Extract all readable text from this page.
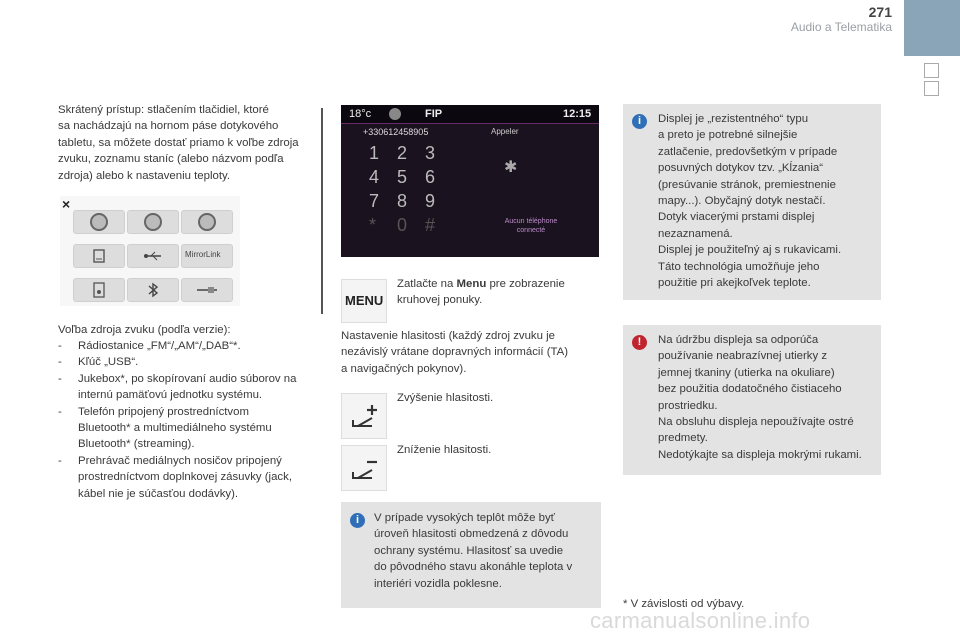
271
Audio a Telematika
Skrátený prístup: stlačením tlačidiel, ktoré
sa nachádzajú na hornom páse dotykového
tabletu, sa môžete dostať priamo k voľbe zdroja
zvuku, zoznamu staníc (alebo názvom podľa
zdroja) alebo k nastaveniu teploty.
×
MirrorLink
Voľba zdroja zvuku (podľa verzie):
- Rádiostanice „FM“/„AM“/„DAB“*.
- Kľúč „USB“.
- Jukebox*, po skopírovaní audio súborov na
internú pamäťovú jednotku systému.
- Telefón pripojený prostredníctvom
Bluetooth* a multimediálneho systému
Bluetooth* (streaming).
- Prehrávač mediálnych nosičov pripojený
prostredníctvom doplnkovej zásuvky (jack,
kábel nie je súčasťou dodávky).
18°c	FIP	12:15
+330612458905	Appeler
1 2 3
4 5 6
7 8 9
* 0 #
✱
Aucun téléphone connecté
MENU
Zatlačte na Menu pre zobrazenie
kruhovej ponuky.
Nastavenie hlasitosti (každý zdroj zvuku je
nezávislý vrátane dopravných informácií (TA)
a navigačných pokynov).
Zvýšenie hlasitosti.
Zníženie hlasitosti.
i	V prípade vysokých teplôt môže byť
úroveň hlasitosti obmedzená z dôvodu
ochrany systému. Hlasitosť sa uvedie
do pôvodného stavu akonáhle teplota v
interiéri vozidla poklesne.
i	Displej je „rezistentného“ typu
a preto je potrebné silnejšie
zatlačenie, predovšetkým v prípade
posuvných dotykov tzv. „Kĺzania“
(presúvanie stránok, premiestnenie
mapy...). Obyčajný dotyk nestačí.
Dotyk viacerými prstami displej
nezaznamená.
Displej je použiteľný aj s rukavicami.
Táto technológia umožňuje jeho
použitie pri akejkoľvek teplote.
!	Na údržbu displeja sa odporúča
používanie neabrazívnej utierky z
jemnej tkaniny (utierka na okuliare)
bez použitia dodatočného čistiaceho
prostriedku.
Na obsluhu displeja nepoužívajte ostré
predmety.
Nedotýkajte sa displeja mokrými rukami.
* V závislosti od výbavy.
carmanualsonline.info
